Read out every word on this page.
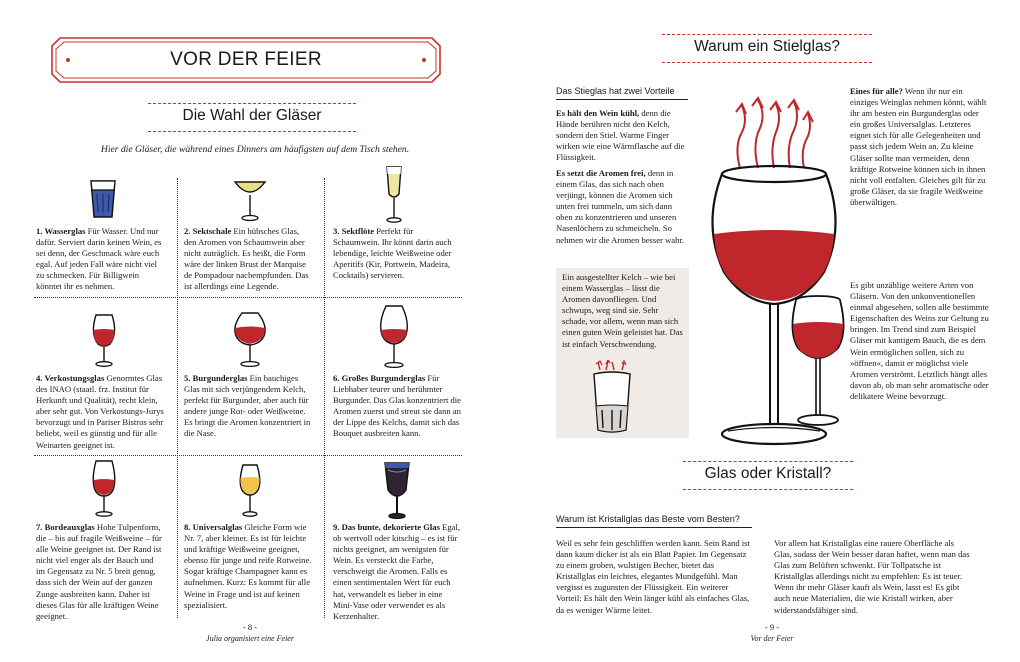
VOR DER FEIER
Die Wahl der Gläser
Hier die Gläser, die während eines Dinners am häufigsten auf dem Tisch stehen.
1. Wasserglas Für Wasser. Und nur dafür. Serviert darin keinen Wein, es sei denn, der Geschmack wäre euch egal. Auf jeden Fall wäre nicht viel zu schmecken. Für Billigwein könntet ihr es nehmen.
2. Sektschale Ein hübsches Glas, den Aromen von Schaumwein aber nicht zuträglich. Es heißt, die Form wäre der linken Brust der Marquise de Pompadour nachempfunden. Das ist allerdings eine Legende.
3. Sektflöte Perfekt für Schaumwein. Ihr könnt darin auch lebendige, leichte Weißweine oder Aperitifs (Kir, Portwein, Madeira, Cocktails) servieren.
4. Verkostungsglas Genormtes Glas des INAO (staatl. frz. Institut für Herkunft und Qualität), recht klein, aber sehr gut. Von Verkostungs-Jurys bevorzugt und in Pariser Bistros sehr beliebt, weil es günstig und für alle Weinarten geeignet ist.
5. Burgunderglas Ein bauchiges Glas mit sich verjüngendem Kelch, perfekt für Burgunder, aber auch für andere junge Rot- oder Weißweine. Es bringt die Aromen konzentriert in die Nase.
6. Großes Burgunderglas Für Liebhaber teurer und berühmter Burgunder. Das Glas konzentriert die Aromen zuerst und streut sie dann an der Lippe des Kelchs, damit sich das Bouquet ausbreiten kann.
7. Bordeauxglas Hohe Tulpenform, die – bis auf fragile Weißweine – für alle Weine geeignet ist. Der Rand ist nicht viel enger als der Bauch und im Gegensatz zu Nr. 5 breit genug, dass sich der Wein auf der ganzen Zunge ausbreiten kann. Daher ist dieses Glas für alle kräftigen Weine geeignet.
8. Universalglas Gleiche Form wie Nr. 7, aber kleiner. Es ist für leichte und kräftige Weißweine geeignet, ebenso für junge und reife Rotweine. Sogar kräftige Champagner kann es aufnehmen. Kurz: Es kommt für alle Weine in Frage und ist auf keinen spezialisiert.
9. Das bunte, dekorierte Glas Egal, ob wertvoll oder kitschig – es ist für nichts geeignet, am wenigsten für Wein. Es versteckt die Farbe, verschweigt die Aromen. Falls es einen sentimentalen Wert für euch hat, verwandelt es lieber in eine Mini-Vase oder verwendet es als Kerzenhalter.
- 8 -
Julia organisiert eine Feier
Warum ein Stielglas?
Das Stieglas hat zwei Vorteile
Es hält den Wein kühl, denn die Hände berühren nicht den Kelch, sondern den Stiel. Warme Finger wirken wie eine Wärmflasche auf die Flüssigkeit.
Es setzt die Aromen frei, denn in einem Glas, das sich nach oben verjüngt, können die Aromen sich unten frei tummeln, um sich dann oben zu konzentrieren und unseren Nasenlöchern zu schmeicheln. So nehmen wir die Aromen besser wahr.
Ein ausgestellter Kelch – wie bei einem Wasserglas – lässt die Aromen davonfliegen. Und schwups, weg sind sie. Sehr schade, vor allem, wenn man sich einen guten Wein geleistet hat. Das ist einfach Verschwendung.
Eines für alle? Wenn ihr nur ein einziges Weinglas nehmen könnt, wählt ihr am besten ein Burgunderglas oder ein großes Universalglas. Letzteres eignet sich für alle Gelegenheiten und passt sich jedem Wein an. Zu kleine Gläser sollte man vermeiden, denn kräftige Rotweine können sich in ihnen nicht voll entfalten. Gleiches gilt für zu große Gläser, da sie fragile Weißweine überwältigen.
Es gibt unzählige weitere Arten von Gläsern. Von den unkonventionellen einmal abgesehen, sollen alle bestimmte Eigenschaften des Weins zur Geltung zu bringen. Im Trend sind zum Beispiel Gläser mit kantigem Bauch, die es dem Wein ermöglichen sollen, sich zu »öffnen«, damit er möglichst viele Aromen verströmt. Letztlich hängt alles davon ab, ob man sehr aromatische oder delikatere Weine bevorzugt.
Glas oder Kristall?
Warum ist Kristallglas das Beste vom Besten?
Weil es sehr fein geschliffen werden kann. Sein Rand ist dann kaum dicker ist als ein Blatt Papier. Im Gegensatz zu einem groben, wulstigen Becher, bietet das Kristallglas ein leichtes, elegantes Mundgefühl. Man vergisst es zugunsten der Flüssigkeit. Ein weiterer Vorteil: Es hält den Wein länger kühl als einfaches Glas, da es weniger Wärme leitet.
Vor allem hat Kristallglas eine rauere Oberfläche als Glas, sodass der Wein besser daran haftet, wenn man das Glas zum Belüften schwenkt. Für Tollpatsche ist Kristallglas allerdings nicht zu empfehlen: Es ist teuer. Wenn ihr mehr Gläser kauft als Wein, lasst es! Es gibt auch neue Materialien, die wie Kristall wirken, aber widerstandsfähiger sind.
- 9 -
Vor der Feier
